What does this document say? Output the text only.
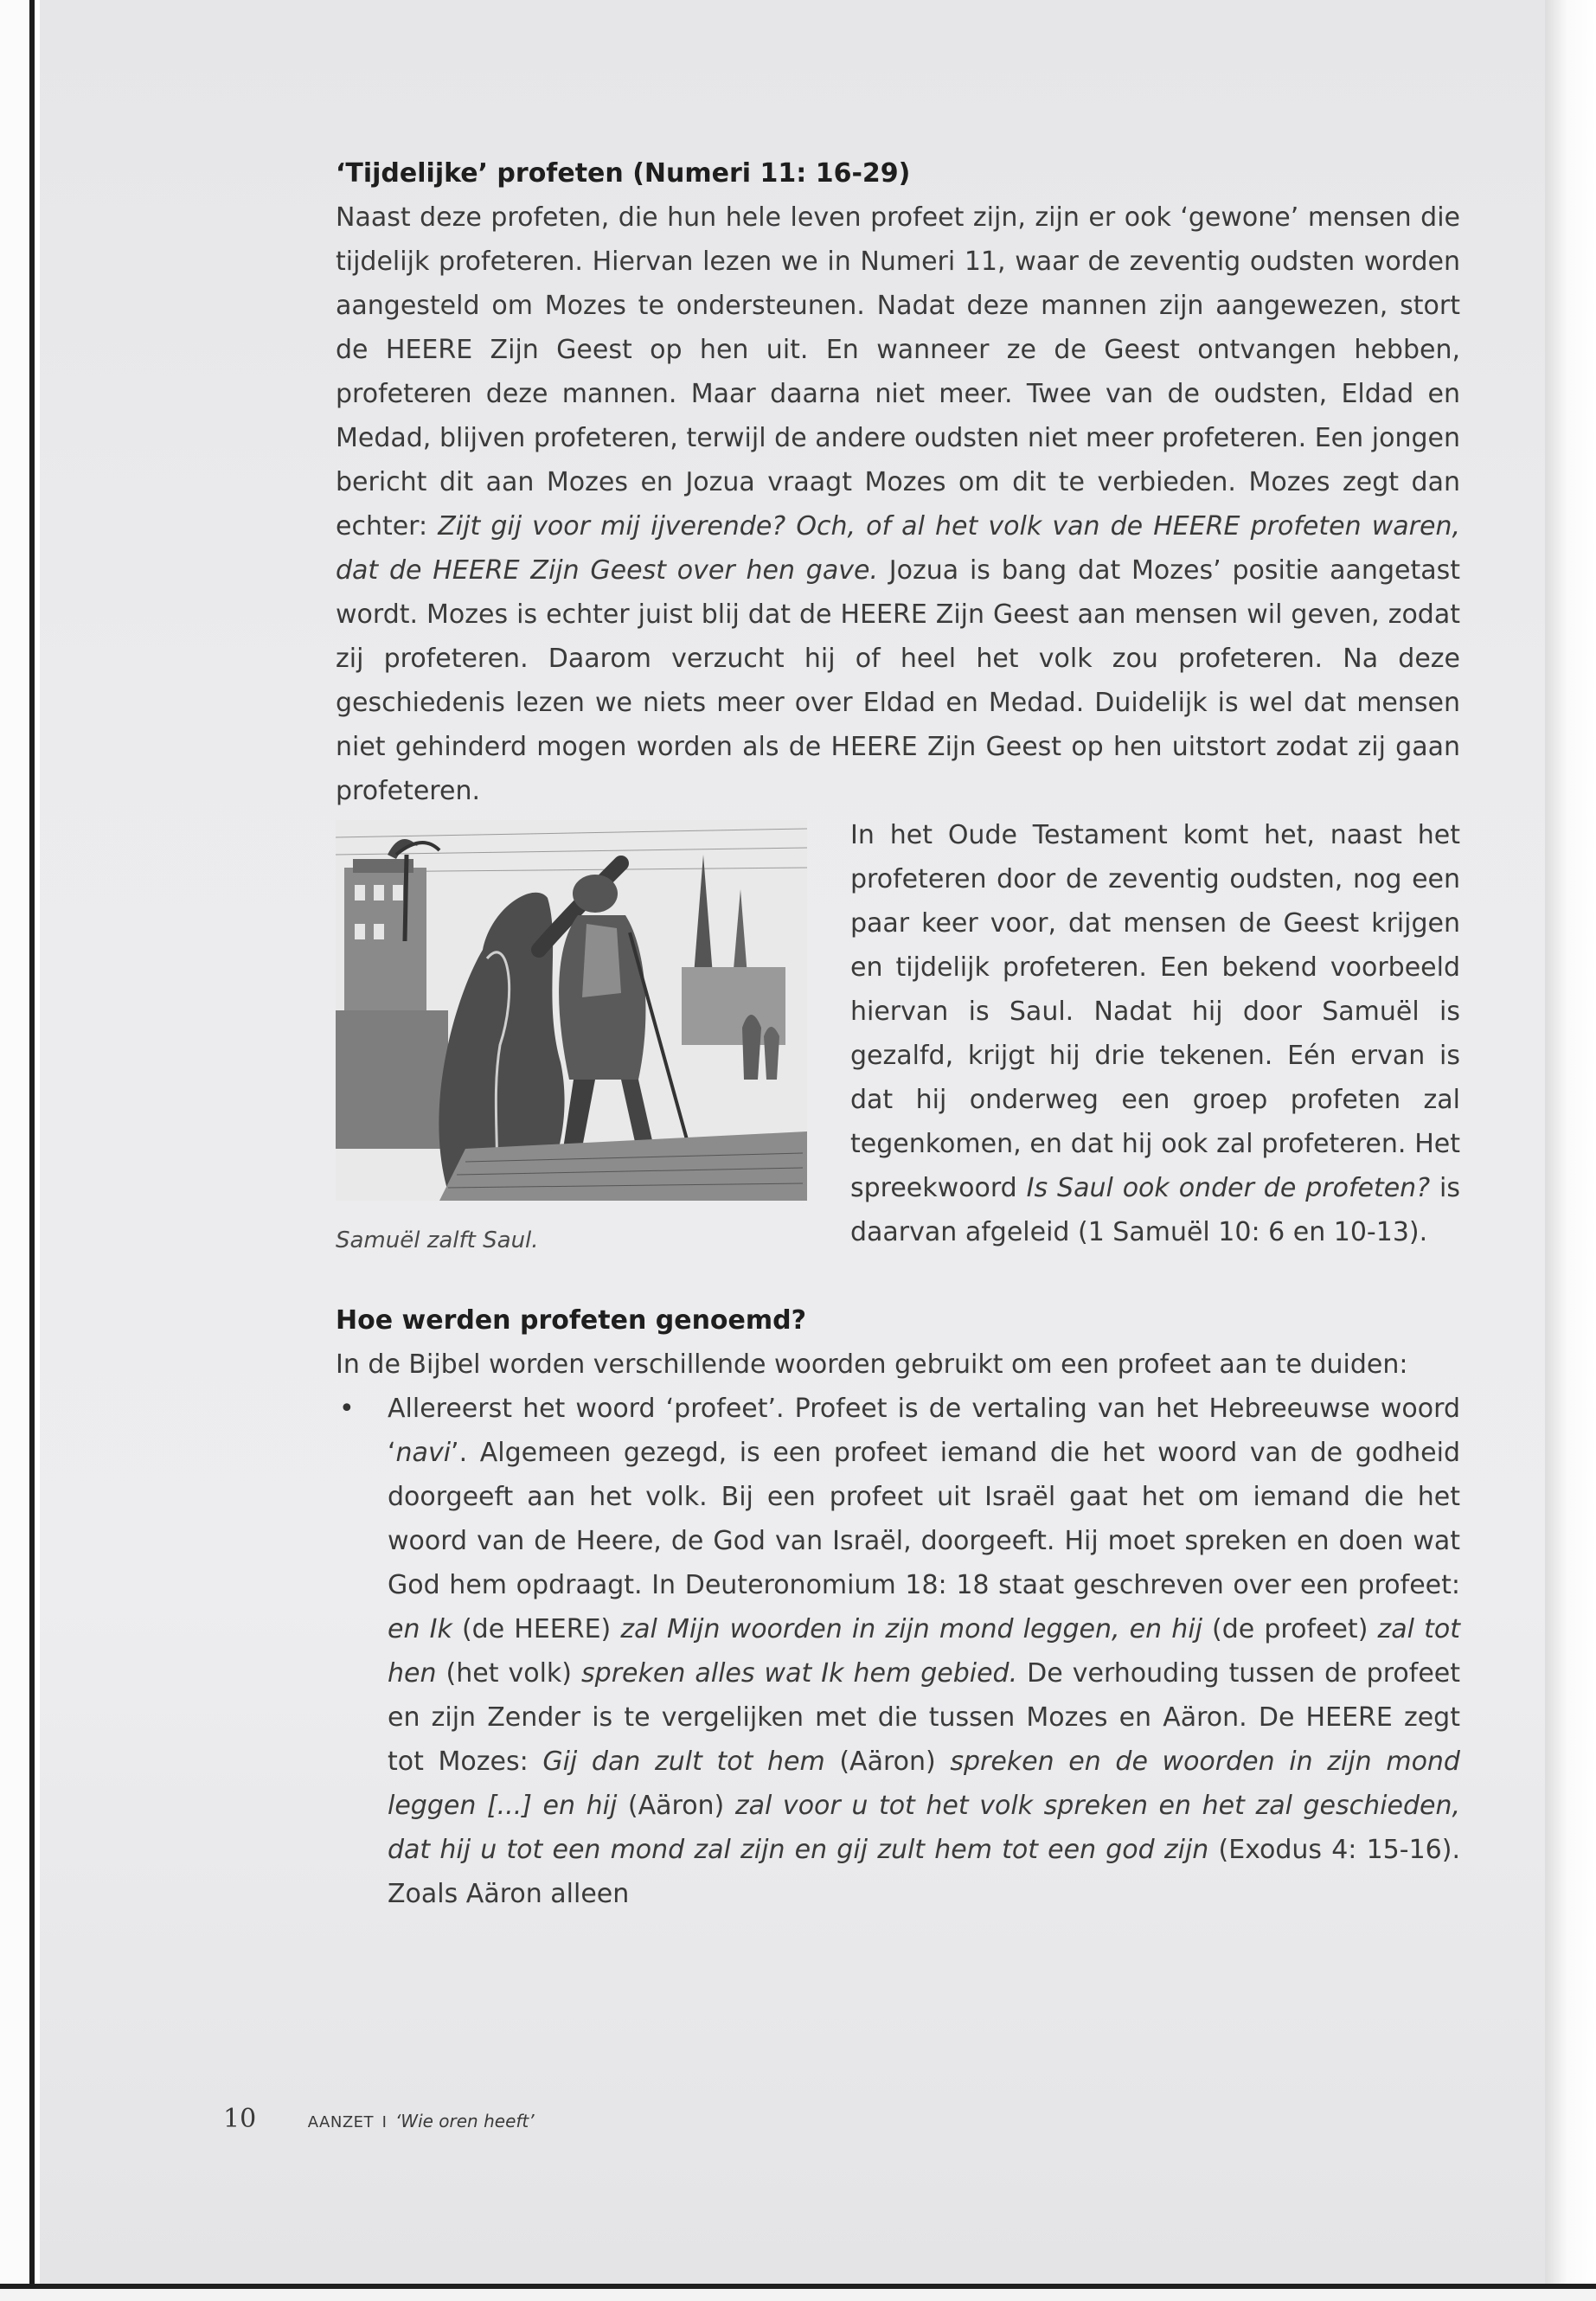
‘Tijdelijke’ profeten (Numeri 11: 16-29)

Naast deze profeten, die hun hele leven profeet zijn, zijn er ook ‘gewone’ mensen die tijdelijk profeteren. Hiervan lezen we in Numeri 11, waar de zeventig oudsten worden aangesteld om Mozes te ondersteunen. Nadat deze mannen zijn aangewezen, stort de HEERE Zijn Geest op hen uit. En wanneer ze de Geest ontvangen hebben, profeteren deze mannen. Maar daarna niet meer. Twee van de oudsten, Eldad en Medad, blijven profeteren, terwijl de andere oudsten niet meer profeteren. Een jongen bericht dit aan Mozes en Jozua vraagt Mozes om dit te verbieden. Mozes zegt dan echter: Zijt gij voor mij ijverende? Och, of al het volk van de HEERE profeten waren, dat de HEERE Zijn Geest over hen gave. Jozua is bang dat Mozes’ positie aangetast wordt. Mozes is echter juist blij dat de HEERE Zijn Geest aan mensen wil geven, zodat zij profeteren. Daarom verzucht hij of heel het volk zou profeteren. Na deze geschiedenis lezen we niets meer over Eldad en Medad. Duidelijk is wel dat mensen niet gehinderd mogen worden als de HEERE Zijn Geest op hen uitstort zodat zij gaan profeteren.

Samuël zalft Saul.

In het Oude Testament komt het, naast het profeteren door de zeventig oudsten, nog een paar keer voor, dat mensen de Geest krijgen en tijdelijk profeteren. Een bekend voorbeeld hiervan is Saul. Nadat hij door Samuël is gezalfd, krijgt hij drie tekenen. Eén ervan is dat hij onderweg een groep profeten zal tegenkomen, en dat hij ook zal profeteren. Het spreekwoord Is Saul ook onder de profeten? is daarvan afgeleid (1 Samuël 10: 6 en 10-13).

Hoe werden profeten genoemd?

In de Bijbel worden verschillende woorden gebruikt om een profeet aan te duiden:

• Allereerst het woord ‘profeet’. Profeet is de vertaling van het Hebreeuwse woord ‘navi’. Algemeen gezegd, is een profeet iemand die het woord van de godheid doorgeeft aan het volk. Bij een profeet uit Israël gaat het om iemand die het woord van de Heere, de God van Israël, doorgeeft. Hij moet spreken en doen wat God hem opdraagt. In Deuteronomium 18: 18 staat geschreven over een profeet: en Ik (de HEERE) zal Mijn woorden in zijn mond leggen, en hij (de profeet) zal tot hen (het volk) spreken alles wat Ik hem gebied. De verhouding tussen de profeet en zijn Zender is te vergelijken met die tussen Mozes en Aäron. De HEERE zegt tot Mozes: Gij dan zult tot hem (Aäron) spreken en de woorden in zijn mond leggen [...] en hij (Aäron) zal voor u tot het volk spreken en het zal geschieden, dat hij u tot een mond zal zijn en gij zult hem tot een god zijn (Exodus 4: 15-16). Zoals Aäron alleen
10	AANZET I ‘Wie oren heeft’
